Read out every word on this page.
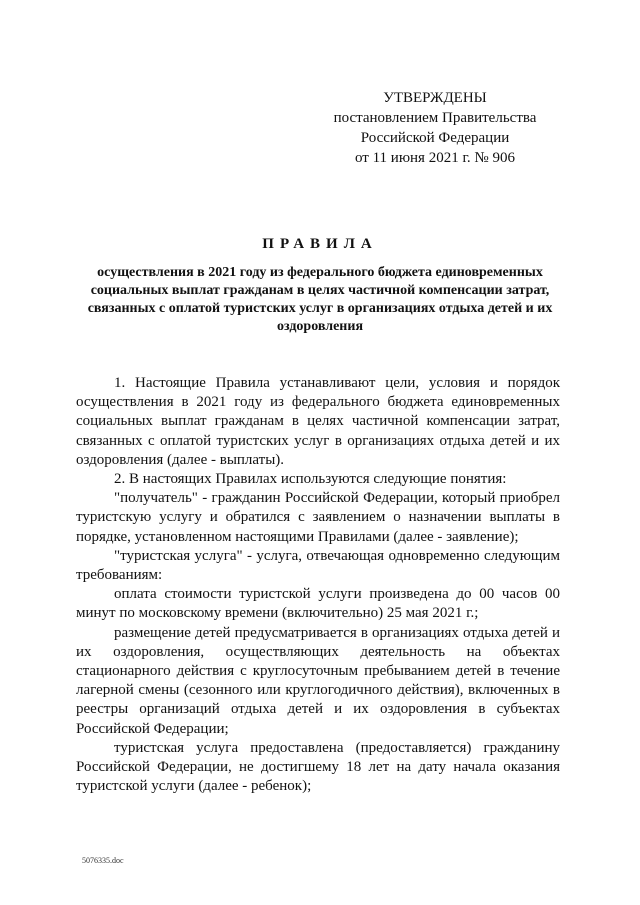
УТВЕРЖДЕНЫ
постановлением Правительства
Российской Федерации
от 11 июня 2021 г. № 906
ПРАВИЛА
осуществления в 2021 году из федерального бюджета единовременных социальных выплат гражданам в целях частичной компенсации затрат, связанных с оплатой туристских услуг в организациях отдыха детей и их оздоровления

1. Настоящие Правила устанавливают цели, условия и порядок осуществления в 2021 году из федерального бюджета единовременных социальных выплат гражданам в целях частичной компенсации затрат, связанных с оплатой туристских услуг в организациях отдыха детей и их оздоровления (далее - выплаты).

2. В настоящих Правилах используются следующие понятия:

"получатель" - гражданин Российской Федерации, который приобрел туристскую услугу и обратился с заявлением о назначении выплаты в порядке, установленном настоящими Правилами (далее - заявление);

"туристская услуга" - услуга, отвечающая одновременно следующим требованиям:

оплата стоимости туристской услуги произведена до 00 часов 00 минут по московскому времени (включительно) 25 мая 2021 г.;

размещение детей предусматривается в организациях отдыха детей и их оздоровления, осуществляющих деятельность на объектах стационарного действия с круглосуточным пребыванием детей в течение лагерной смены (сезонного или круглогодичного действия), включенных в реестры организаций отдыха детей и их оздоровления в субъектах Российской Федерации;

туристская услуга предоставлена (предоставляется) гражданину Российской Федерации, не достигшему 18 лет на дату начала оказания туристской услуги (далее - ребенок);

5076335.doc
